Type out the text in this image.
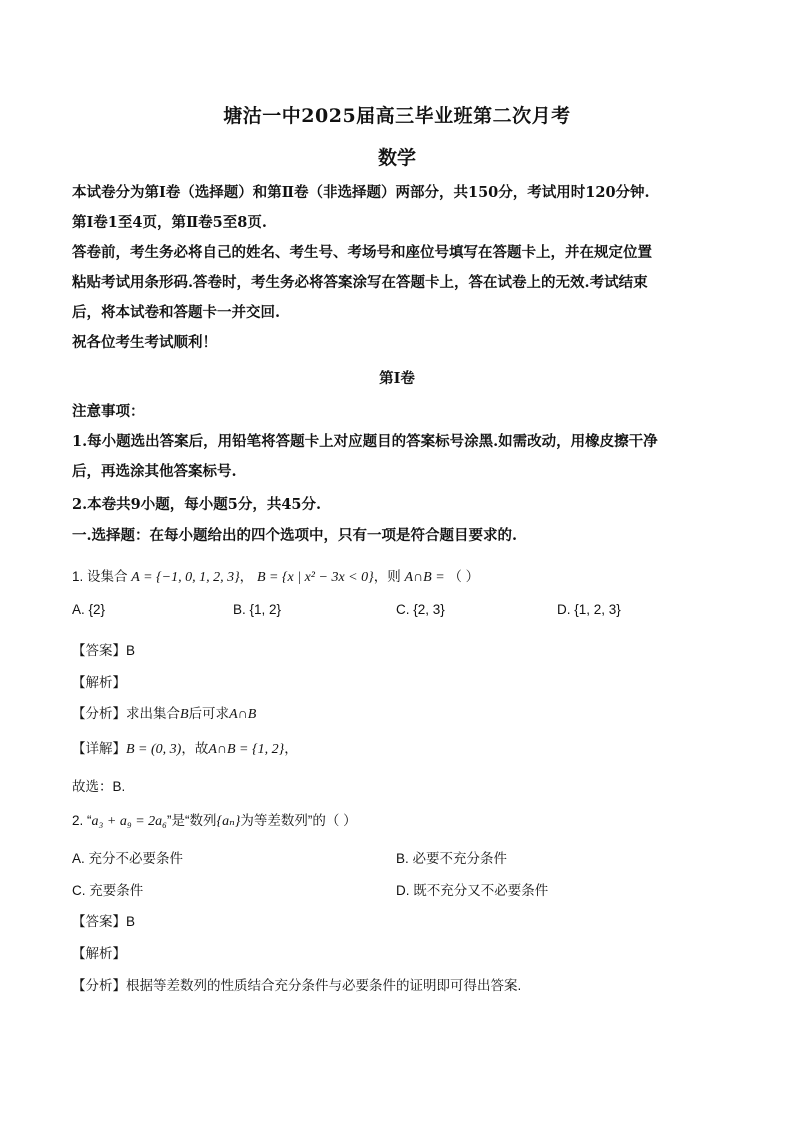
塘沽一中2025届高三毕业班第二次月考
数学

本试卷分为第Ⅰ卷（选择题）和第Ⅱ卷（非选择题）两部分，共150分，考试用时120分钟.

第Ⅰ卷1至4页，第Ⅱ卷5至8页.

答卷前，考生务必将自己的姓名、考生号、考场号和座位号填写在答题卡上，并在规定位置

粘贴考试用条形码.答卷时，考生务必将答案涂写在答题卡上，答在试卷上的无效.考试结束

后，将本试卷和答题卡一并交回.

祝各位考生考试顺利！

第Ⅰ卷

注意事项：

1.每小题选出答案后，用铅笔将答题卡上对应题目的答案标号涂黑.如需改动，用橡皮擦干净

后，再选涂其他答案标号.

2.本卷共9小题，每小题5分，共45分.

一.选择题：在每小题给出的四个选项中，只有一项是符合题目要求的.

1. 设集合 A = {−1, 0, 1, 2, 3}， B = {x | x² − 3x < 0}，则 A∩B = （ ）

A. {2}	B. {1, 2}	C. {2, 3}	D. {1, 2, 3}
【答案】B
【解析】
【分析】求出集合B后可求A∩B
【详解】B = (0, 3)，故A∩B = {1, 2}，
故选：B.

2. “a₃ + a₉ = 2a₆”是“数列{aₙ}为等差数列”的（ ）

A. 充分不必要条件	B. 必要不充分条件
C. 充要条件	D. 既不充分又不必要条件
【答案】B
【解析】
【分析】根据等差数列的性质结合充分条件与必要条件的证明即可得出答案.
